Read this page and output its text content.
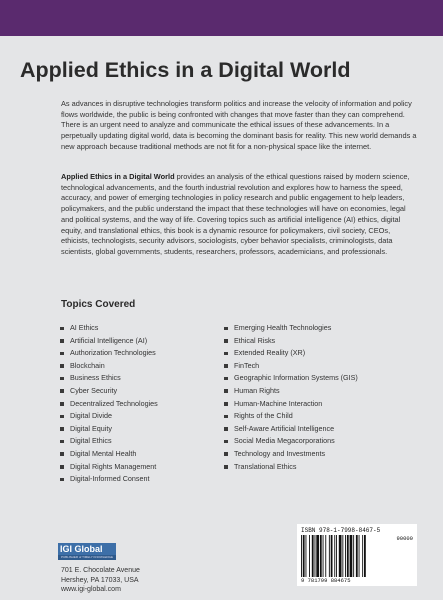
Applied Ethics in a Digital World

As advances in disruptive technologies transform politics and increase the velocity of information and policy flows worldwide, the public is being confronted with changes that move faster than they can comprehend. There is an urgent need to analyze and communicate the ethical issues of these advancements. In a perpetually updating digital world, data is becoming the dominant basis for reality. This new world demands a new approach because traditional methods are not fit for a non-physical space like the internet.

Applied Ethics in a Digital World provides an analysis of the ethical questions raised by modern science, technological advancements, and the fourth industrial revolution and explores how to harness the speed, accuracy, and power of emerging technologies in policy research and public engagement to help leaders, policymakers, and the public understand the impact that these technologies will have on economies, legal and political systems, and the way of life. Covering topics such as artificial intelligence (AI) ethics, digital equity, and translational ethics, this book is a dynamic resource for policymakers, civil society, CEOs, ethicists, technologists, security advisors, sociologists, cyber behavior specialists, criminologists, data scientists, global governments, students, researchers, professors, academicians, and professionals.

Topics Covered
AI Ethics
Artificial Intelligence (AI)
Authorization Technologies
Blockchain
Business Ethics
Cyber Security
Decentralized Technologies
Digital Divide
Digital Equity
Digital Ethics
Digital Mental Health
Digital Rights Management
Digital-Informed Consent
Emerging Health Technologies
Ethical Risks
Extended Reality (XR)
FinTech
Geographic Information Systems (GIS)
Human Rights
Human-Machine Interaction
Rights of the Child
Self-Aware Artificial Intelligence
Social Media Megacorporations
Technology and Investments
Translational Ethics
IGI Global
PUBLISHER of TIMELY KNOWLEDGE
701 E. Chocolate Avenue
Hershey, PA 17033, USA
www.igi-global.com
ISBN 978-1-7998-8467-5
90000
9 781799 884675
